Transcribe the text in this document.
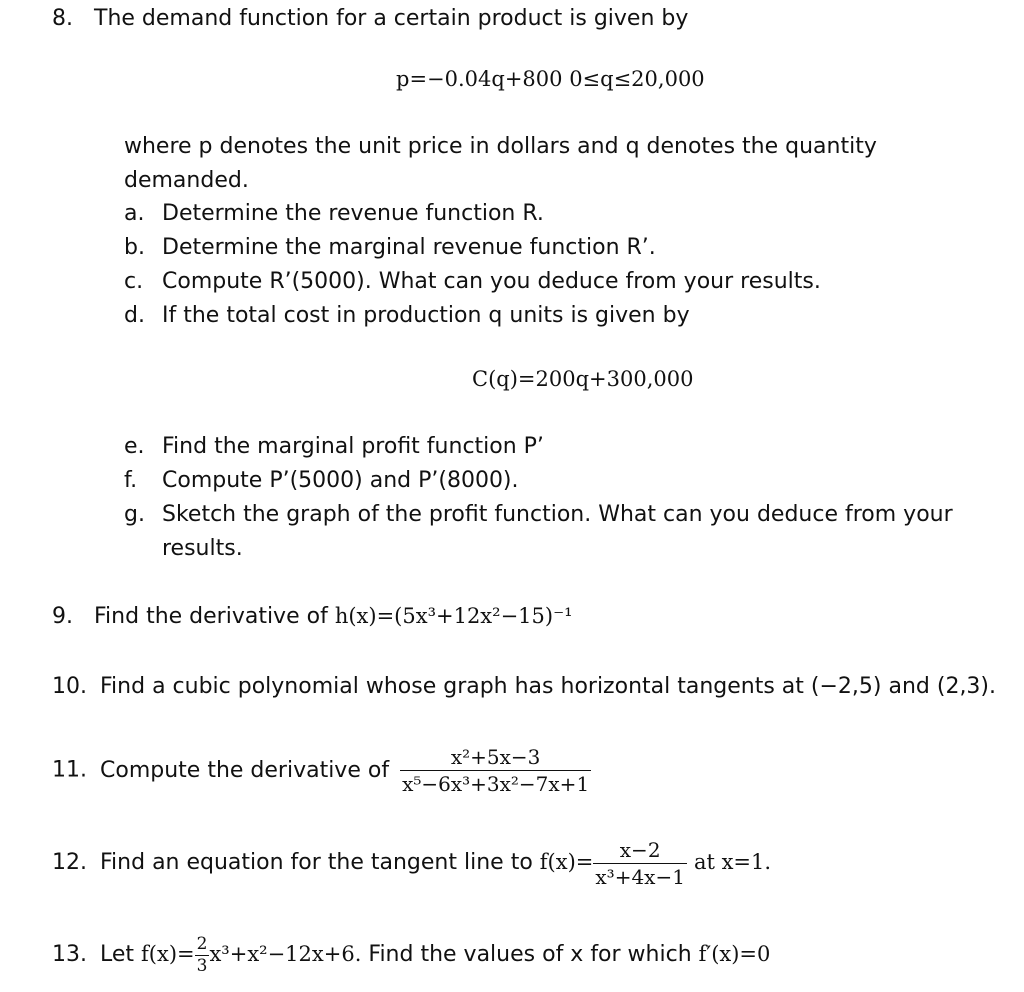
8. The demand function for a certain product is given by
p=−0.04q+800 0≤q≤20,000
where p denotes the unit price in dollars and q denotes the quantity
demanded.
a. Determine the revenue function R.
b. Determine the marginal revenue function R’.
c. Compute R’(5000). What can you deduce from your results.
d. If the total cost in production q units is given by
C(q)=200q+300,000
e. Find the marginal profit function P’
f. Compute P’(5000) and P’(8000).
g. Sketch the graph of the profit function. What can you deduce from your
results.
9. Find the derivative of h(x)=(5x³+12x²−15)⁻¹
10. Find a cubic polynomial whose graph has horizontal tangents at (−2,5) and (2,3).
11. Compute the derivative of $\frac{\text{x²+5x−3}}{\text{x⁵−6x³+3x²−7x+1}}$
12. Find an equation for the tangent line to $f(x)= \frac{x-2}{\text{x³+4x−1}}$ at x=1.
13. Let $f(x)= \frac{2}{3} x^3+x^2-12x+6$. Find the values of x for which f′(x)=0
